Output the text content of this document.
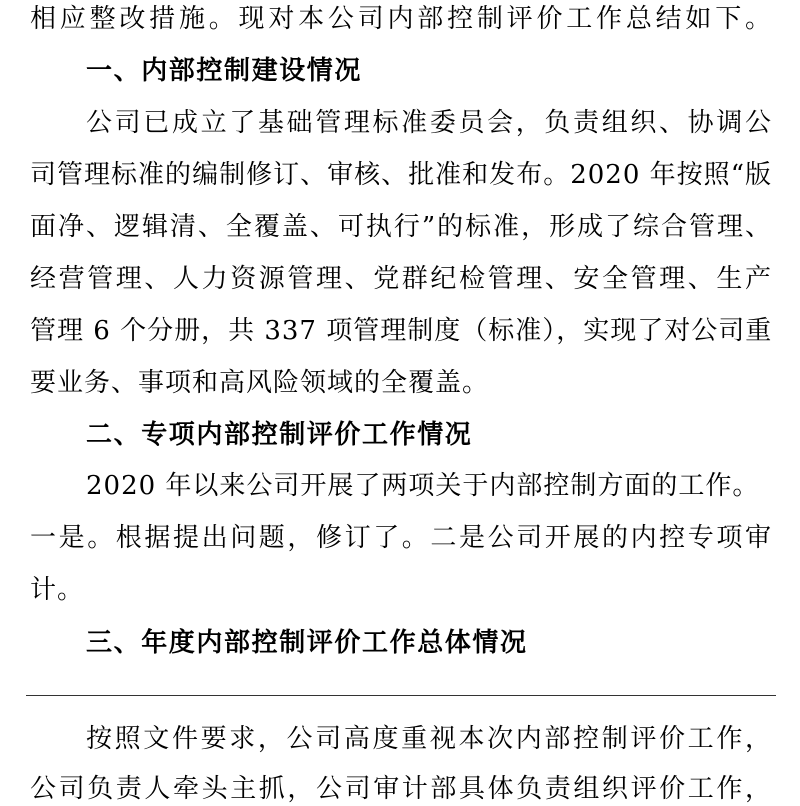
相应整改措施。现对本公司内部控制评价工作总结如下。
一、内部控制建设情况
公司已成立了基础管理标准委员会，负责组织、协调公
司管理标准的编制修订、审核、批准和发布。2020 年按照“版
面净、逻辑清、全覆盖、可执行”的标准，形成了综合管理、
经营管理、人力资源管理、党群纪检管理、安全管理、生产
管理 6 个分册，共 337 项管理制度（标准），实现了对公司重
要业务、事项和高风险领域的全覆盖。
二、专项内部控制评价工作情况
2020 年以来公司开展了两项关于内部控制方面的工作。
一是。根据提出问题，修订了。二是公司开展的内控专项审
计。
三、年度内部控制评价工作总体情况
按照文件要求，公司高度重视本次内部控制评价工作，
公司负责人牵头主抓，公司审计部具体负责组织评价工作，
